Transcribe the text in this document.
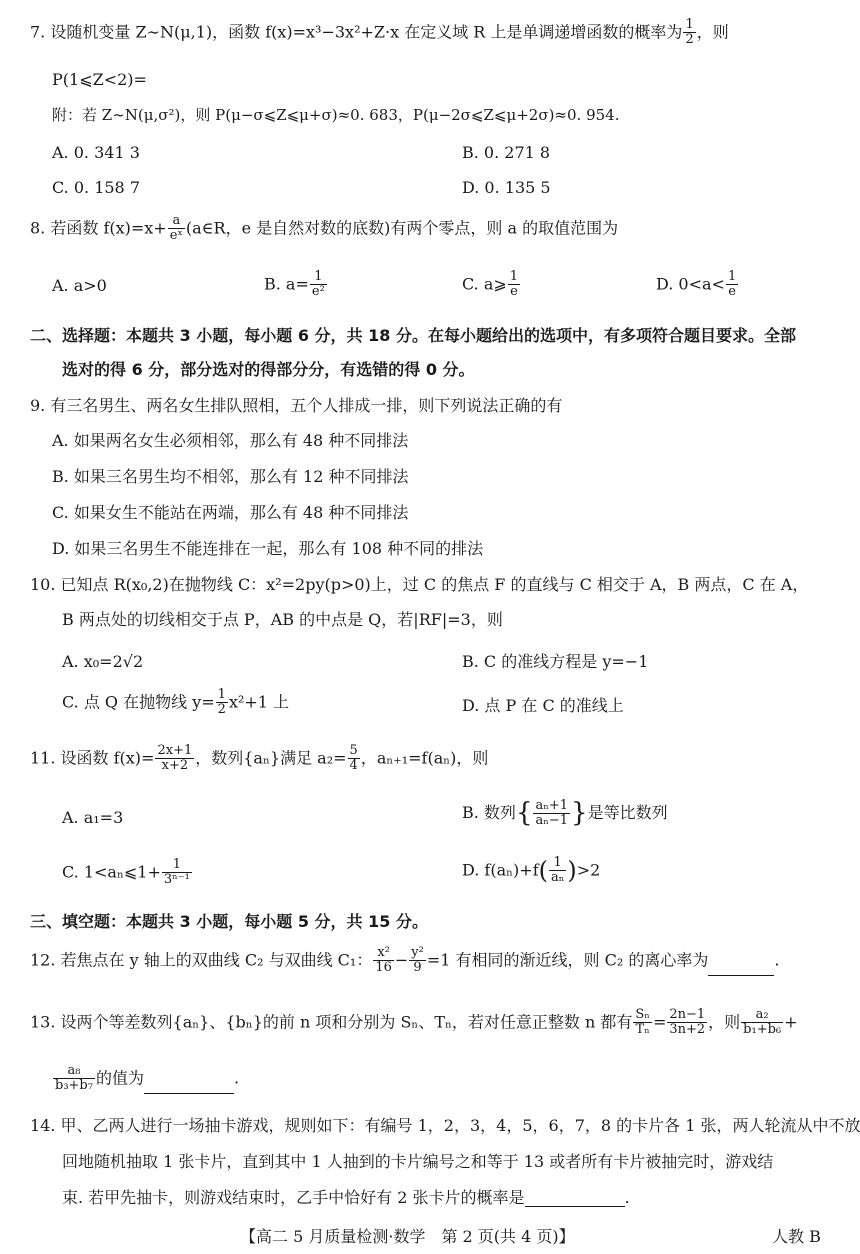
7. 设随机变量 Z∼N(μ,1)，函数 f(x)=x³−3x²+Z·x 在定义域 R 上是单调递增函数的概率为 $\frac{1}{2}$ ，则
P(1⩽Z<2)=
附：若 Z∼N(μ,σ²)，则 P(μ−σ⩽Z⩽μ+σ)≈0. 683，P(μ−2σ⩽Z⩽μ+2σ)≈0. 954.
A. 0. 341 3	B. 0. 271 8
C. 0. 158 7	D. 0. 135 5
8. 若函数 $f(x)=x+ \frac{a}{\text{eˣ}}$ (a∈R，e 是自然对数的底数)有两个零点，则 a 的取值范围为
A. a>0	B. $a= \frac{1}{\text{e²}}$	C. a⩾ $\frac{1}{e}$	D. $0<a< \frac{1}{e}$
二、选择题：本题共 3 小题，每小题 6 分，共 18 分。在每小题给出的选项中，有多项符合题目要求。全部
选对的得 6 分，部分选对的得部分分，有选错的得 0 分。
9. 有三名男生、两名女生排队照相，五个人排成一排，则下列说法正确的有
A. 如果两名女生必须相邻，那么有 48 种不同排法
B. 如果三名男生均不相邻，那么有 12 种不同排法
C. 如果女生不能站在两端，那么有 48 种不同排法
D. 如果三名男生不能连排在一起，那么有 108 种不同的排法
10. 已知点 R(x₀,2)在抛物线 C：x²=2py(p>0)上，过 C 的焦点 F 的直线与 C 相交于 A，B 两点，C 在 A，
B 两点处的切线相交于点 P，AB 的中点是 Q，若|RF|=3，则
A. x₀=2√2	B. C 的准线方程是 y=−1
C. 点 Q 在抛物线 $y= \frac{1}{2} x^2+1$ 上	D. 点 P 在 C 的准线上
11. 设函数 $f(x)= \frac{2x+1}{x+2}$ ，数列{aₙ}满足 $a_2= \frac{5}{4}$ ，aₙ₊₁=f(aₙ)，则
A. a₁=3	B. 数列{ $\frac{\text{aₙ+1}}{\text{aₙ−1}}$ }是等比数列
C. 1<aₙ⩽1+ $\frac{1}{\text{3ⁿ⁻¹}}$	D. $f(a_n)+f( \frac{1}{\text{aₙ}} )>2$
三、填空题：本题共 3 小题，每小题 5 分，共 15 分。
12. 若焦点在 y 轴上的双曲线 C₂ 与双曲线 C₁： $\frac{\text{x²}}{16} - \frac{\text{y²}}{9} =1$ 有相同的渐近线，则 C₂ 的离心率为	.
13. 设两个等差数列{aₙ}、{bₙ}的前 n 项和分别为 Sₙ、Tₙ，若对任意正整数 n 都有 $\frac{\text{Sₙ}}{\text{Tₙ}} = \frac{2n-1}{3n+2}$ ，则 $\frac{\text{a₂}}{\text{b₁+b₆}}$ +
$\frac{\text{a₈}}{\text{b₃+b₇}}$ 的值为	.
14. 甲、乙两人进行一场抽卡游戏，规则如下：有编号 1，2，3，4，5，6，7，8 的卡片各 1 张，两人轮流从中不放
回地随机抽取 1 张卡片，直到其中 1 人抽到的卡片编号之和等于 13 或者所有卡片被抽完时，游戏结
束. 若甲先抽卡，则游戏结束时，乙手中恰好有 2 张卡片的概率是	.
【高二 5 月质量检测·数学　第 2 页(共 4 页)】	人教 B
